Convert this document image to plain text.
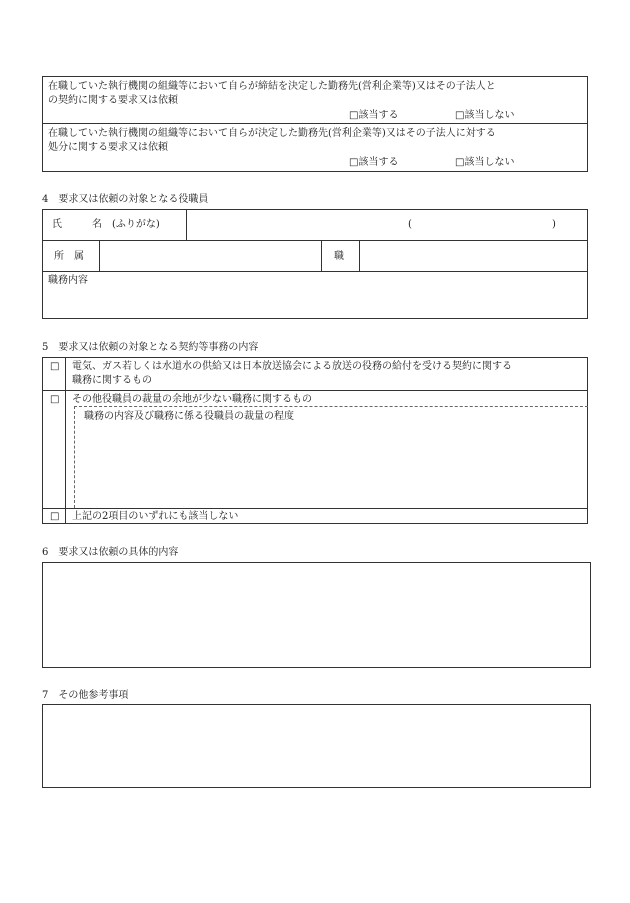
在職していた執行機関の組織等において自らが締結を決定した勤務先(営利企業等)又はその子法人と
の契約に関する要求又は依頼
□該当する	□該当しない
在職していた執行機関の組織等において自らが決定した勤務先(営利企業等)又はその子法人に対する
処分に関する要求又は依頼
□該当する	□該当しない
4　要求又は依頼の対象となる役職員
氏　　　名　(ふりがな)	(	)
所　属	職
職務内容
5　要求又は依頼の対象となる契約等事務の内容
□ 電気、ガス若しくは水道水の供給又は日本放送協会による放送の役務の給付を受ける契約に関する
職務に関するもの
□ その他役職員の裁量の余地が少ない職務に関するもの
職務の内容及び職務に係る役職員の裁量の程度
□ 上記の2項目のいずれにも該当しない
6　要求又は依頼の具体的内容
7　その他参考事項
